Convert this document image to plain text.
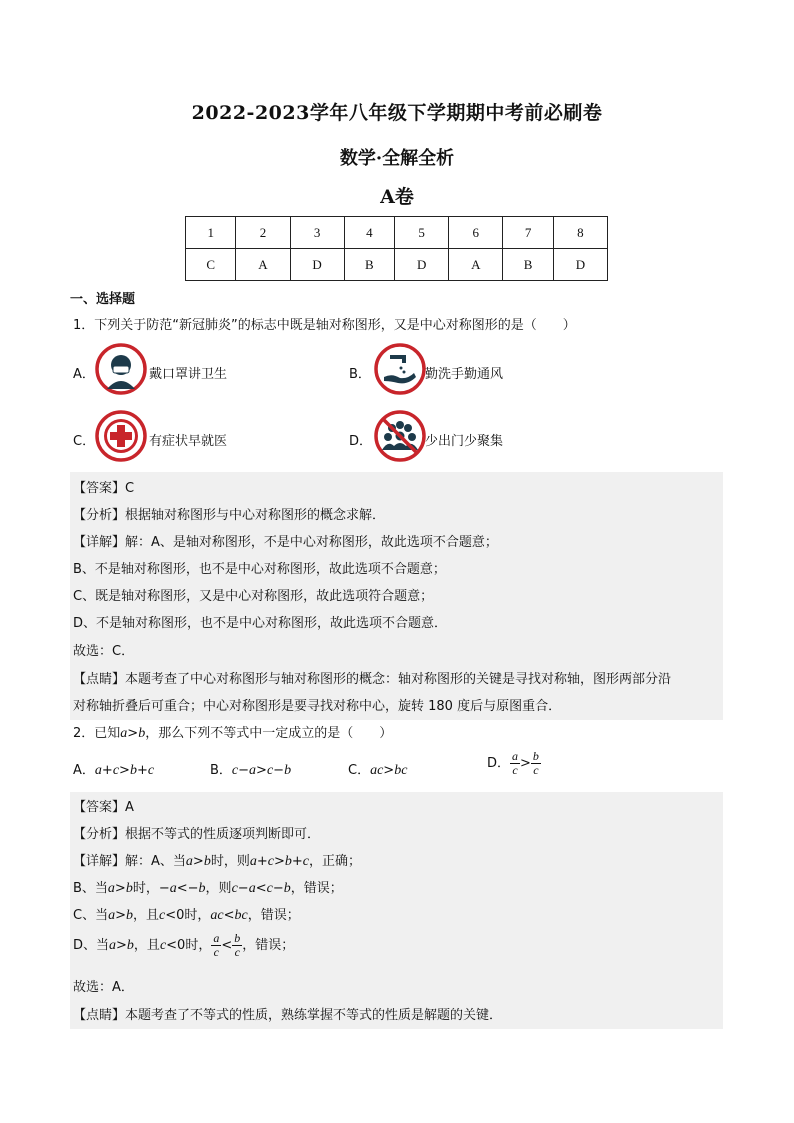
2022-2023学年八年级下学期期中考前必刷卷
数学·全解全析
A卷
1	2	3	4	5	6	7	8
C	A	D	B	D	A	B	D
一、选择题
1．下列关于防范“新冠肺炎”的标志中既是轴对称图形，又是中心对称图形的是（　　）
A．	戴口罩讲卫生	B．	勤洗手勤通风
C．	有症状早就医	D．	少出门少聚集
【答案】C
【分析】根据轴对称图形与中心对称图形的概念求解．
【详解】解：A、是轴对称图形，不是中心对称图形，故此选项不合题意；
B、不是轴对称图形，也不是中心对称图形，故此选项不合题意；
C、既是轴对称图形，又是中心对称图形，故此选项符合题意；
D、不是轴对称图形，也不是中心对称图形，故此选项不合题意．
故选：C．
【点睛】本题考查了中心对称图形与轴对称图形的概念：轴对称图形的关键是寻找对称轴，图形两部分沿
对称轴折叠后可重合；中心对称图形是要寻找对称中心，旋转 180 度后与原图重合．
2．已知a>b，那么下列不等式中一定成立的是（　　）
A．a+c>b+c	B．c−a>c−b	C．ac>bc	D． $\frac{a}{c} > \frac{b}{c}$
【答案】A
【分析】根据不等式的性质逐项判断即可．
【详解】解：A、当a>b时，则a+c>b+c，正确；
B、当a>b时，−a<−b，则c−a<c−b，错误；
C、当a>b，且c<0时，ac<bc，错误；
D、当a>b，且c<0时， $\frac{a}{c} < \frac{b}{c}$ ，错误；
故选：A．
【点睛】本题考查了不等式的性质，熟练掌握不等式的性质是解题的关键．
